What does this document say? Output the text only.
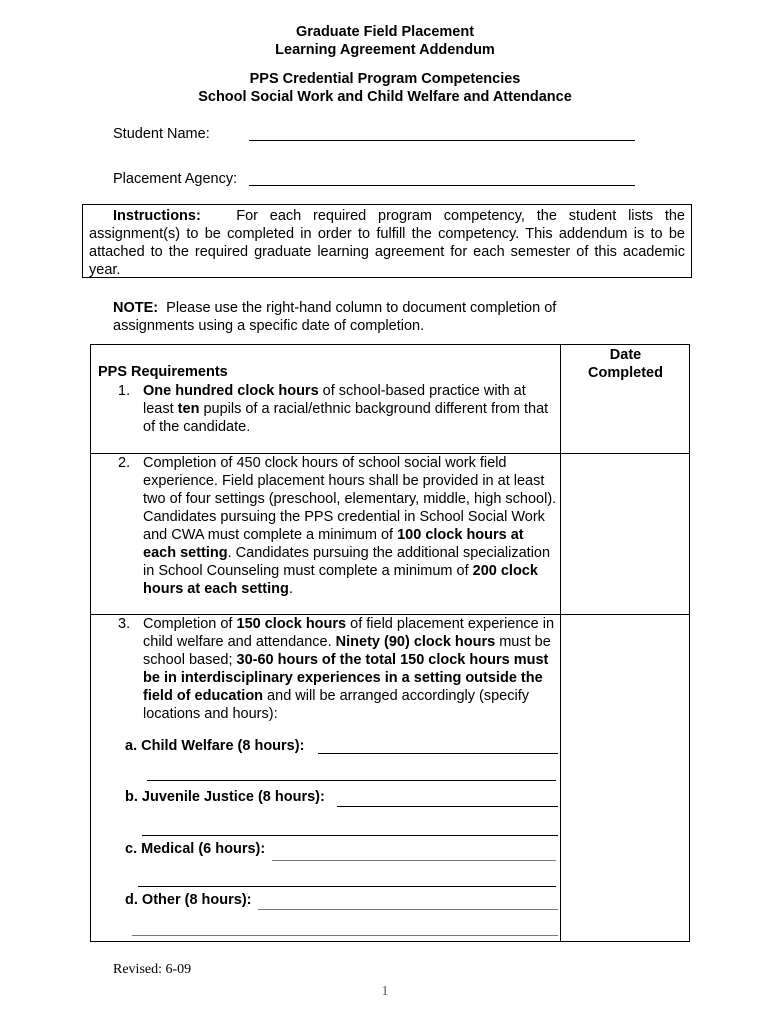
Graduate Field Placement
Learning Agreement Addendum
PPS Credential Program Competencies
School Social Work and Child Welfare and Attendance
Student Name:
Placement Agency:
Instructions: For each required program competency, the student lists the assignment(s) to be completed in order to fulfill the competency. This addendum is to be attached to the required graduate learning agreement for each semester of this academic year.
NOTE: Please use the right-hand column to document completion of
assignments using a specific date of completion.
PPS Requirements
Date
Completed
1. One hundred clock hours of school-based practice with at least ten pupils of a racial/ethnic background different from that of the candidate.
2. Completion of 450 clock hours of school social work field experience. Field placement hours shall be provided in at least two of four settings (preschool, elementary, middle, high school). Candidates pursuing the PPS credential in School Social Work and CWA must complete a minimum of 100 clock hours at each setting. Candidates pursuing the additional specialization in School Counseling must complete a minimum of 200 clock hours at each setting.
3. Completion of 150 clock hours of field placement experience in child welfare and attendance. Ninety (90) clock hours must be school based; 30-60 hours of the total 150 clock hours must be in interdisciplinary experiences in a setting outside the field of education and will be arranged accordingly (specify locations and hours):
a. Child Welfare (8 hours):
b. Juvenile Justice (8 hours):
c. Medical (6 hours):
d. Other (8 hours):
Revised: 6-09
1
